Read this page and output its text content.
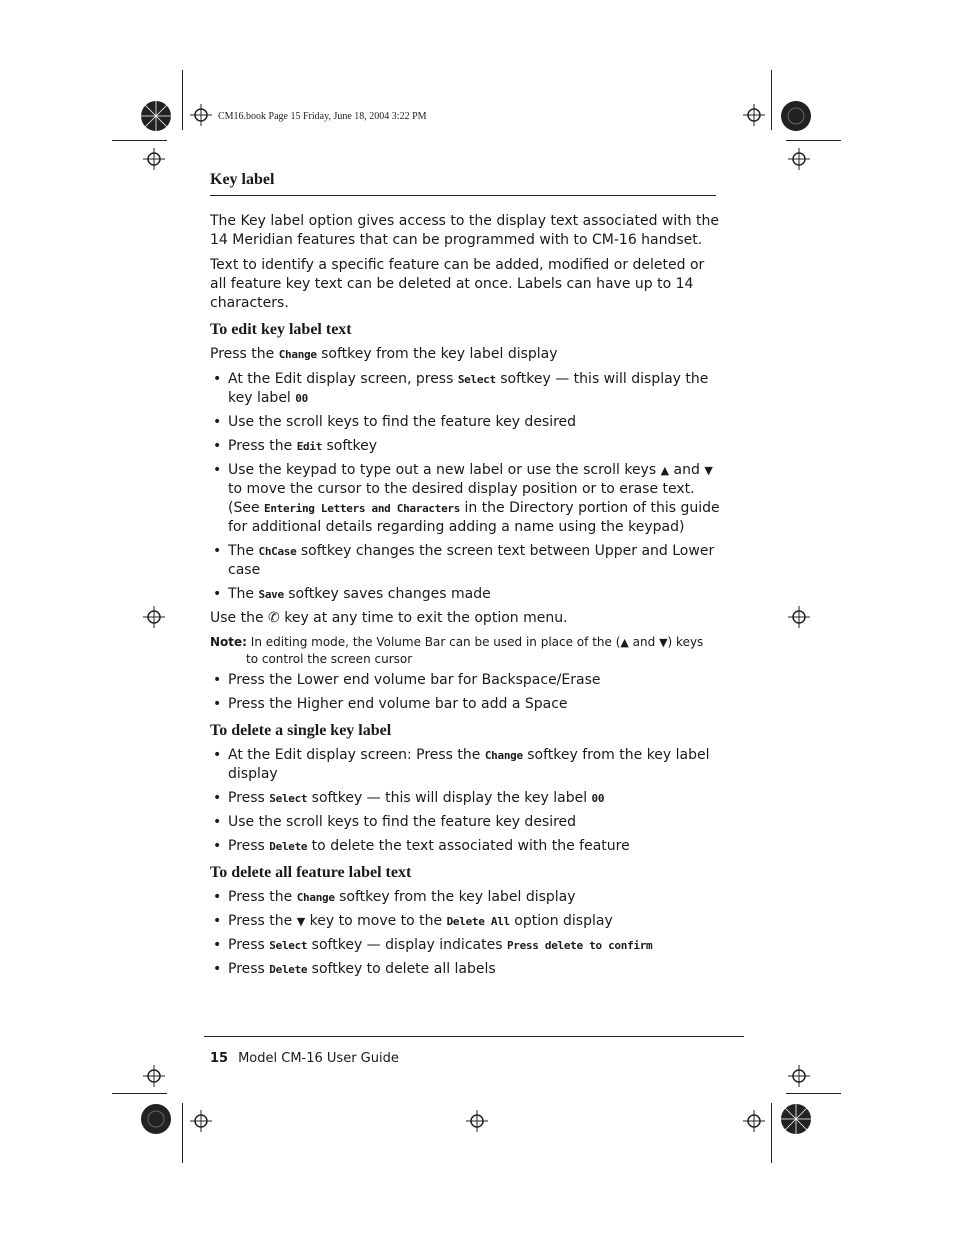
CM16.book Page 15 Friday, June 18, 2004 3:22 PM
Key label

The Key label option gives access to the display text associated with the 14 Meridian features that can be programmed with to CM-16 handset.

Text to identify a specific feature can be added, modified or deleted or all feature key text can be deleted at once. Labels can have up to 14 characters.

To edit key label text

Press the Change softkey from the key label display

• At the Edit display screen, press Select softkey — this will display the key label 00
• Use the scroll keys to find the feature key desired
• Press the Edit softkey
• Use the keypad to type out a new label or use the scroll keys ▲ and ▼ to move the cursor to the desired display position or to erase text. (See Entering Letters and Characters in the Directory portion of this guide for additional details regarding adding a name using the keypad)
• The ChCase softkey changes the screen text between Upper and Lower case
• The Save softkey saves changes made

Use the ✆ key at any time to exit the option menu.

Note: In editing mode, the Volume Bar can be used in place of the (▲ and ▼) keys
to control the screen cursor
• Press the Lower end volume bar for Backspace/Erase
• Press the Higher end volume bar to add a Space
To delete a single key label
• At the Edit display screen: Press the Change softkey from the key label display
• Press Select softkey — this will display the key label 00
• Use the scroll keys to find the feature key desired
• Press Delete to delete the text associated with the feature
To delete all feature label text
• Press the Change softkey from the key label display
• Press the ▼ key to move to the Delete All option display
• Press Select softkey — display indicates Press delete to confirm
• Press Delete softkey to delete all labels
15 Model CM-16 User Guide
